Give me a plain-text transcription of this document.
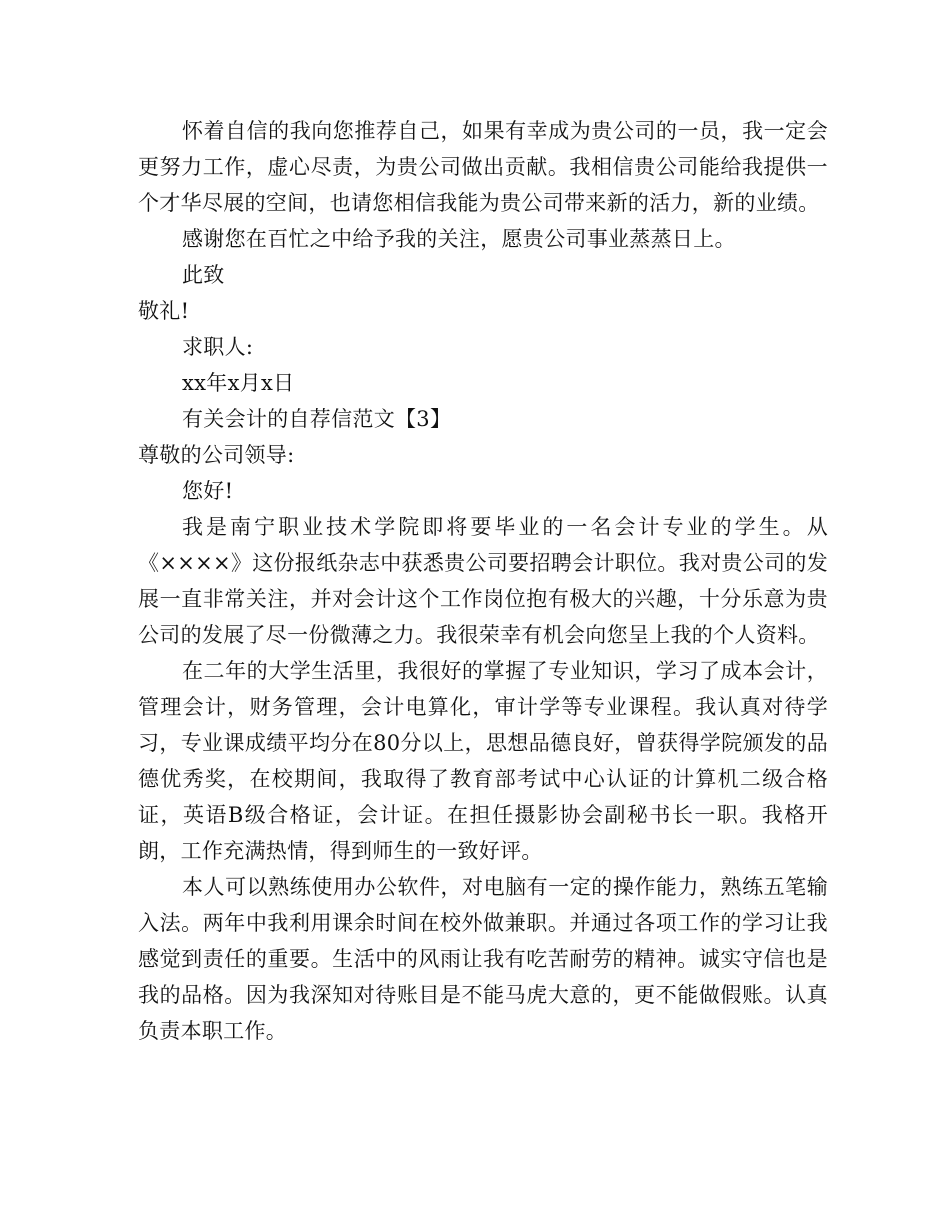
怀着自信的我向您推荐自己，如果有幸成为贵公司的一员，我一定会更努力工作，虚心尽责，为贵公司做出贡献。我相信贵公司能给我提供一个才华尽展的空间，也请您相信我能为贵公司带来新的活力，新的业绩。

感谢您在百忙之中给予我的关注，愿贵公司事业蒸蒸日上。

此致

敬礼!

求职人:

xx年x月x日

有关会计的自荐信范文【3】

尊敬的公司领导:

您好!

我是南宁职业技术学院即将要毕业的一名会计专业的学生。从《××××》这份报纸杂志中获悉贵公司要招聘会计职位。我对贵公司的发展一直非常关注，并对会计这个工作岗位抱有极大的兴趣，十分乐意为贵公司的发展了尽一份微薄之力。我很荣幸有机会向您呈上我的个人资料。

在二年的大学生活里，我很好的掌握了专业知识，学习了成本会计，管理会计，财务管理，会计电算化，审计学等专业课程。我认真对待学习，专业课成绩平均分在80分以上，思想品德良好，曾获得学院颁发的品德优秀奖，在校期间，我取得了教育部考试中心认证的计算机二级合格证，英语B级合格证，会计证。在担任摄影协会副秘书长一职。我格开朗，工作充满热情，得到师生的一致好评。

本人可以熟练使用办公软件，对电脑有一定的操作能力，熟练五笔输入法。两年中我利用课余时间在校外做兼职。并通过各项工作的学习让我感觉到责任的重要。生活中的风雨让我有吃苦耐劳的精神。诚实守信也是我的品格。因为我深知对待账目是不能马虎大意的，更不能做假账。认真负责本职工作。
